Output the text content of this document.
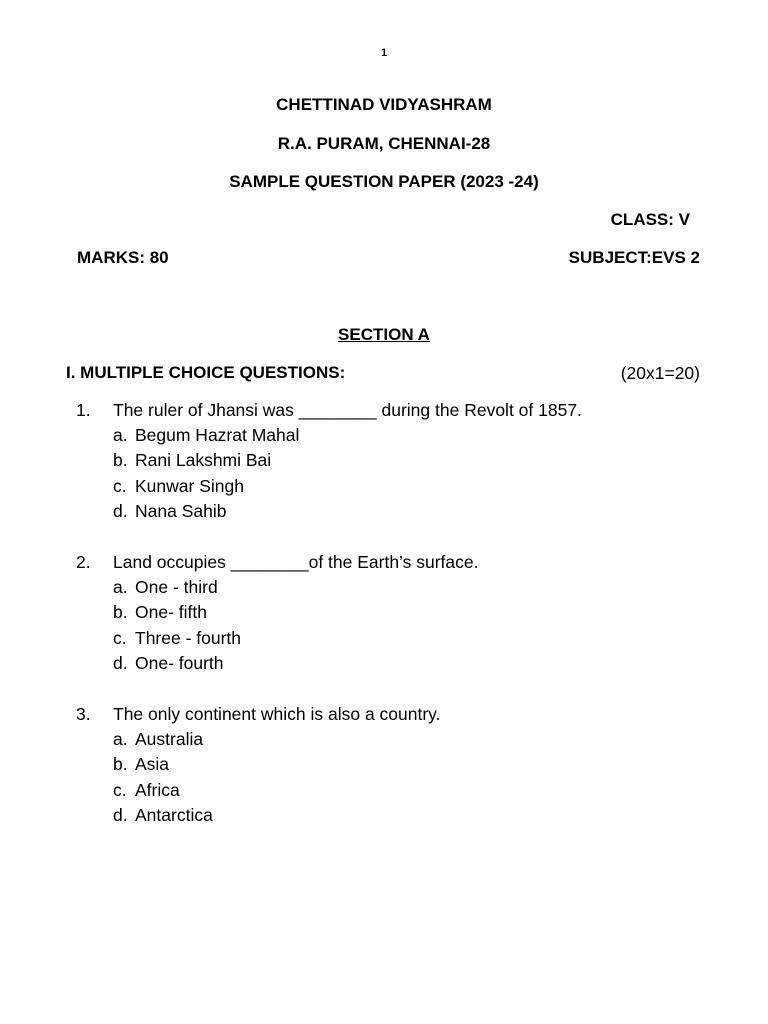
1
CHETTINAD VIDYASHRAM
R.A. PURAM, CHENNAI-28
SAMPLE QUESTION PAPER (2023 -24)
CLASS: V
MARKS: 80	SUBJECT:EVS 2
SECTION A
I. MULTIPLE CHOICE QUESTIONS:	(20x1=20)
1.	The ruler of Jhansi was ________ during the Revolt of 1857.
a. Begum Hazrat Mahal
b. Rani Lakshmi Bai
c. Kunwar Singh
d. Nana Sahib
2.	Land occupies ________of the Earth’s surface.
a. One - third
b. One- fifth
c. Three - fourth
d. One- fourth
3.	The only continent which is also a country.
a. Australia
b. Asia
c. Africa
d. Antarctica
